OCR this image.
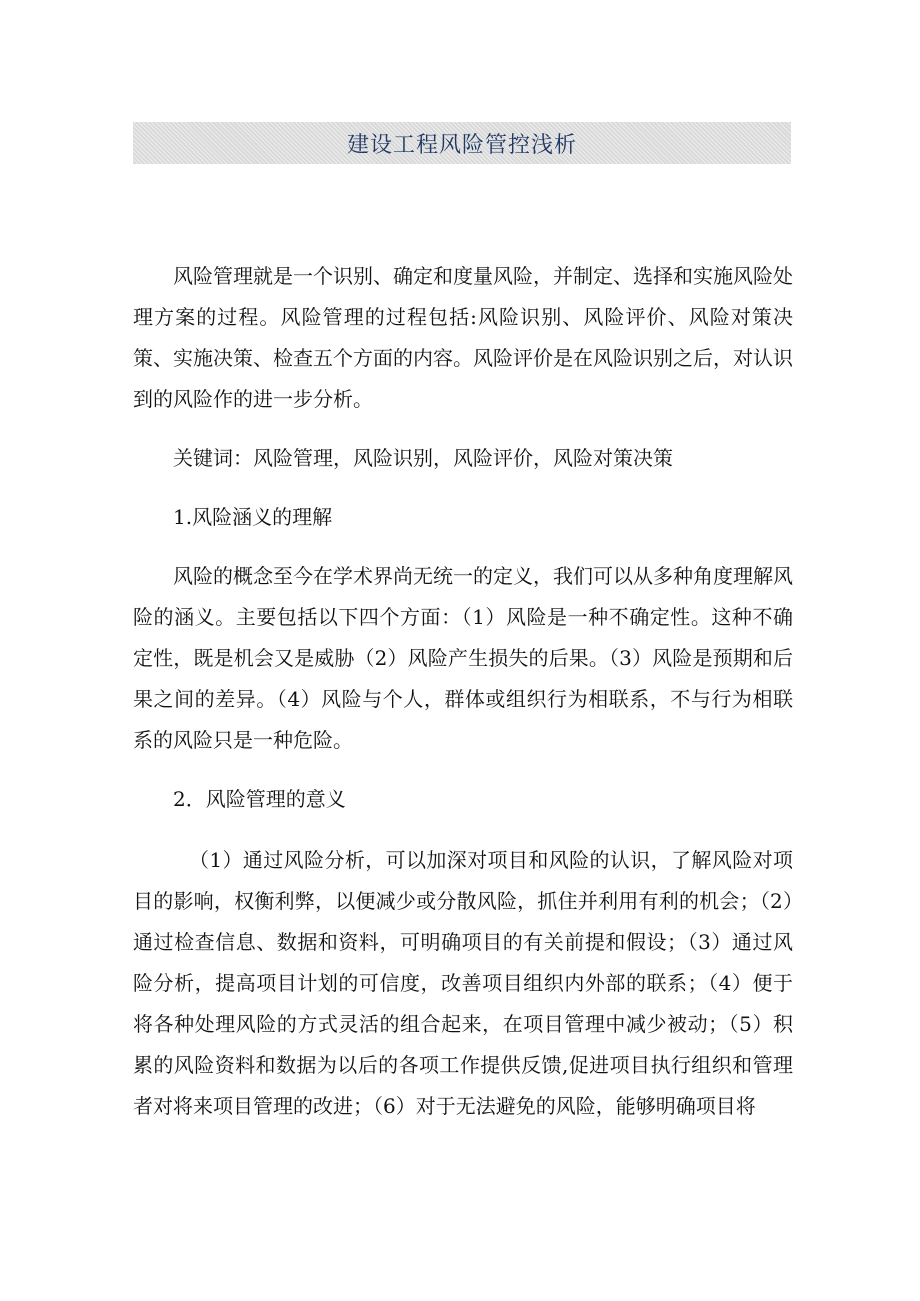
建设工程风险管控浅析

风险管理就是一个识别、确定和度量风险，并制定、选择和实施风险处理方案的过程。风险管理的过程包括:风险识别、风险评价、风险对策决策、实施决策、检查五个方面的内容。风险评价是在风险识别之后，对认识到的风险作的进一步分析。

关键词：风险管理，风险识别，风险评价，风险对策决策

1.风险涵义的理解

风险的概念至今在学术界尚无统一的定义，我们可以从多种角度理解风险的涵义。主要包括以下四个方面：（1）风险是一种不确定性。这种不确定性，既是机会又是威胁（2）风险产生损失的后果。（3）风险是预期和后果之间的差异。（4）风险与个人，群体或组织行为相联系，不与行为相联系的风险只是一种危险。

2．风险管理的意义

（1）通过风险分析，可以加深对项目和风险的认识，了解风险对项目的影响，权衡利弊，以便减少或分散风险，抓住并利用有利的机会；（2）通过检查信息、数据和资料，可明确项目的有关前提和假设；（3）通过风险分析，提高项目计划的可信度，改善项目组织内外部的联系；（4）便于将各种处理风险的方式灵活的组合起来，在项目管理中减少被动；（5）积累的风险资料和数据为以后的各项工作提供反馈,促进项目执行组织和管理者对将来项目管理的改进；（6）对于无法避免的风险，能够明确项目将
